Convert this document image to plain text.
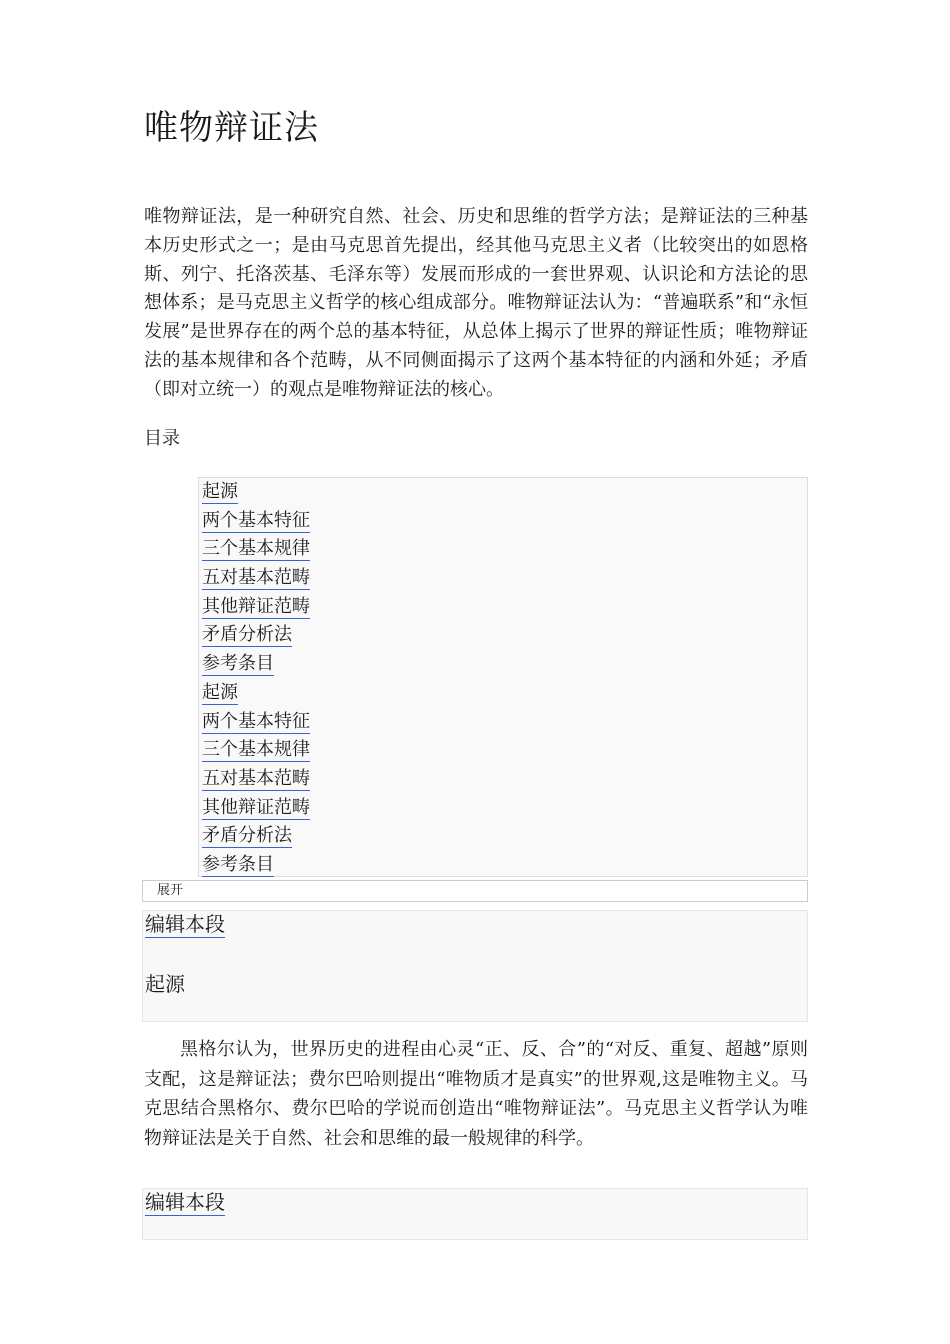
唯物辩证法

唯物辩证法，是一种研究自然、社会、历史和思维的哲学方法；是辩证法的三种基本历史形式之一；是由马克思首先提出，经其他马克思主义者（比较突出的如恩格斯、列宁、托洛茨基、毛泽东等）发展而形成的一套世界观、认识论和方法论的思想体系；是马克思主义哲学的核心组成部分。唯物辩证法认为：“普遍联系”和“永恒发展”是世界存在的两个总的基本特征，从总体上揭示了世界的辩证性质；唯物辩证法的基本规律和各个范畴，从不同侧面揭示了这两个基本特征的内涵和外延；矛盾（即对立统一）的观点是唯物辩证法的核心。

目录

起源
两个基本特征
三个基本规律
五对基本范畴
其他辩证范畴
矛盾分析法
参考条目
起源
两个基本特征
三个基本规律
五对基本范畴
其他辩证范畴
矛盾分析法
参考条目
展开
编辑本段
起源

黑格尔认为，世界历史的进程由心灵“正、反、合”的“对反、重复、超越”原则支配，这是辩证法；费尔巴哈则提出“唯物质才是真实”的世界观,这是唯物主义。马克思结合黑格尔、费尔巴哈的学说而创造出“唯物辩证法”。马克思主义哲学认为唯物辩证法是关于自然、社会和思维的最一般规律的科学。

编辑本段
